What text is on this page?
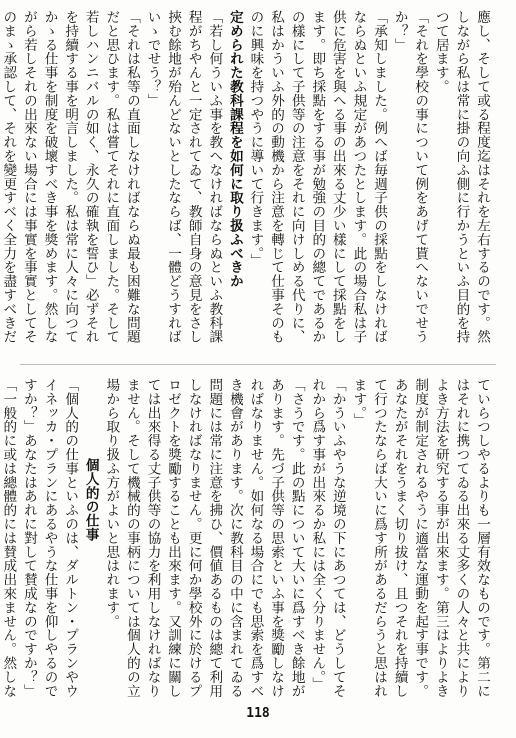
應し、そして或る程度迄はそれを左右するのです。然しながら私は常に掛の向ふ側に行かうといふ目的を持つて居ます。
「それを學校の事について例をあげて貰へないでせうか？」
「承知しました。例へば毎週子供の採點をしなければならぬといふ規定があつたとします。此の場合私は子供に危害を與へる事の出來る丈少い樣にして採點をします。即ち採點をする事が勉強の目的の總てであるかの樣にして子供等の注意をそれに向けしめる代りに、私はかういふ外的の動機から注意を轉じて仕事そのものに興味を持つやうに導いて行きます。」
定められた教科課程を如何に取り扱ふべきか
「若し何ういふ事を教へなければならぬといふ教科課程がちやんと一定されてゐて、教師自身の意見をさし挾む餘地が殆んどないとしたならば、一體どうすればいゝでせう？」
「それは私等の直面しなければならぬ最も困難な問題だと思ひます。私は嘗てそれに直面しました。そして若しハンニバルの如く、永久の確執を誓ひ」必ずそれを持續する事を明言しました。私は常に人々に向つてかゝる仕事を制度を破壞すべき事を獎めます。然しながら若しそれの出來ない場合には事實を事實としてそのまゝ承認して、それを變更すべく全力を盡すべきだ
ていらつしやるよりも一層有效なものです。第二にはそれに携つてゐる出來る丈多くの人々と共によりよき方法を研究する事が出來ます。第三はよりよき制度が制定されるやうに適當な運動を起す事です。あなたがそれをうまく切り拔け、且つそれを持續して行つたならば大いに爲す所があるだらうと思はれます。」
「かういふやうな逆境の下にあつては、どうしてそれから爲す事が出來るか私には全く分りません。」
「さうです。此の點について大いに爲すべき餘地があります。先づ子供等の思索といふ事を獎勵しなければなりません。如何なる場合にでも思索を爲すべき機會があります。次に教科目の中に含まれてゐる問題には常に注意を拂ひ、價値あるものは總て利用しなければなりません。更に何か學校外に於けるプロゼクトを獎勵することも出來ます。又訓練に關しては出來得る丈子供等の協力を利用しなければなりません。そして機械的の事柄については個人的の立場から取り扱ふ方がよいと思はれます。
個人的の仕事
「個人的の仕事といふのは、ダルトン・プランやウイネッカ・プランにあるやうな仕事を仰しやるのですか？」あなたはあれに對して賛成なのですか？」
「一般的に或は總體的には賛成出來ません。然しな
118
